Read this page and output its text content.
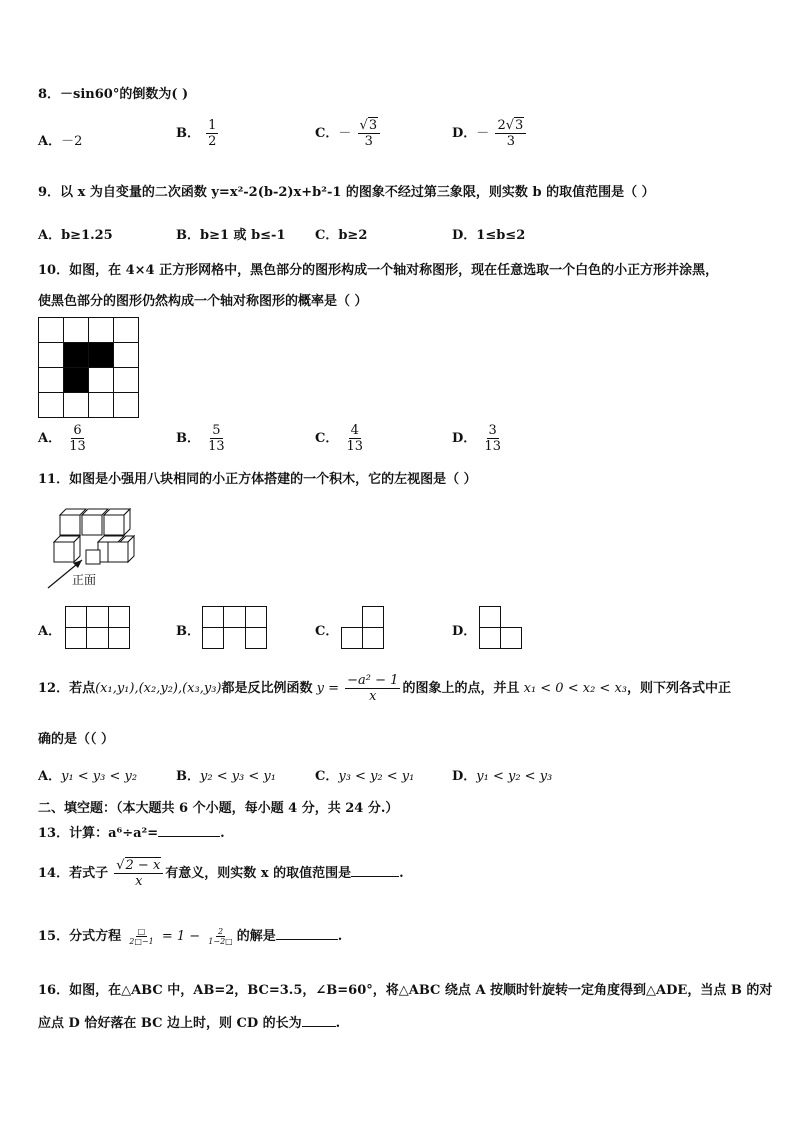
8．－sin60°的倒数为( )
A．－2
B． $\frac{1}{2}$	C．－ $\frac{√3}{3}$	D．－ $\frac{2√3}{3}$
9．以 x 为自变量的二次函数 y=x²-2(b-2)x+b²-1 的图象不经过第三象限，则实数 b 的取值范围是（ ）
A．b≥1.25	B．b≥1 或 b≤-1 C．b≥2	D．1≤b≤2
10．如图，在 4×4 正方形网格中，黑色部分的图形构成一个轴对称图形，现在任意选取一个白色的小正方形并涂黑，
使黑色部分的图形仍然构成一个轴对称图形的概率是（ ）
A． $\frac{6}{13}$	B． $\frac{5}{13}$	C． $\frac{4}{13}$	D． $\frac{3}{13}$
11．如图是小强用八块相同的小正方体搭建的一个积木，它的左视图是（ ）
正面
A．	B．	C．	D．
12．若点(x₁,y₁),(x₂,y₂),(x₃,y₃)都是反比例函数 $y = \frac{\text{−a² − 1}}{x}$ 的图象上的点，并且 x₁ < 0 < x₂ < x₃，则下列各式中正
确的是（（ ）
A．y₁ < y₃ < y₂	B．y₂ < y₃ < y₁	C．y₃ < y₂ < y₁	D．y₁ < y₂ < y₃
二、填空题：（本大题共 6 个小题，每小题 4 分，共 24 分.）
13．计算：a⁶÷a²=	.
14．若式子 $\frac{√2 - x}{x}$ 有意义，则实数 x 的取值范围是	.
15．分式方程 $\frac{□}{2□-1} = 1 - \frac{2}{1-2□}$ 的解是	.
16．如图，在△ABC 中，AB=2，BC=3.5，∠B=60°，将△ABC 绕点 A 按顺时针旋转一定角度得到△ADE，当点 B 的对
应点 D 恰好落在 BC 边上时，则 CD 的长为	.
